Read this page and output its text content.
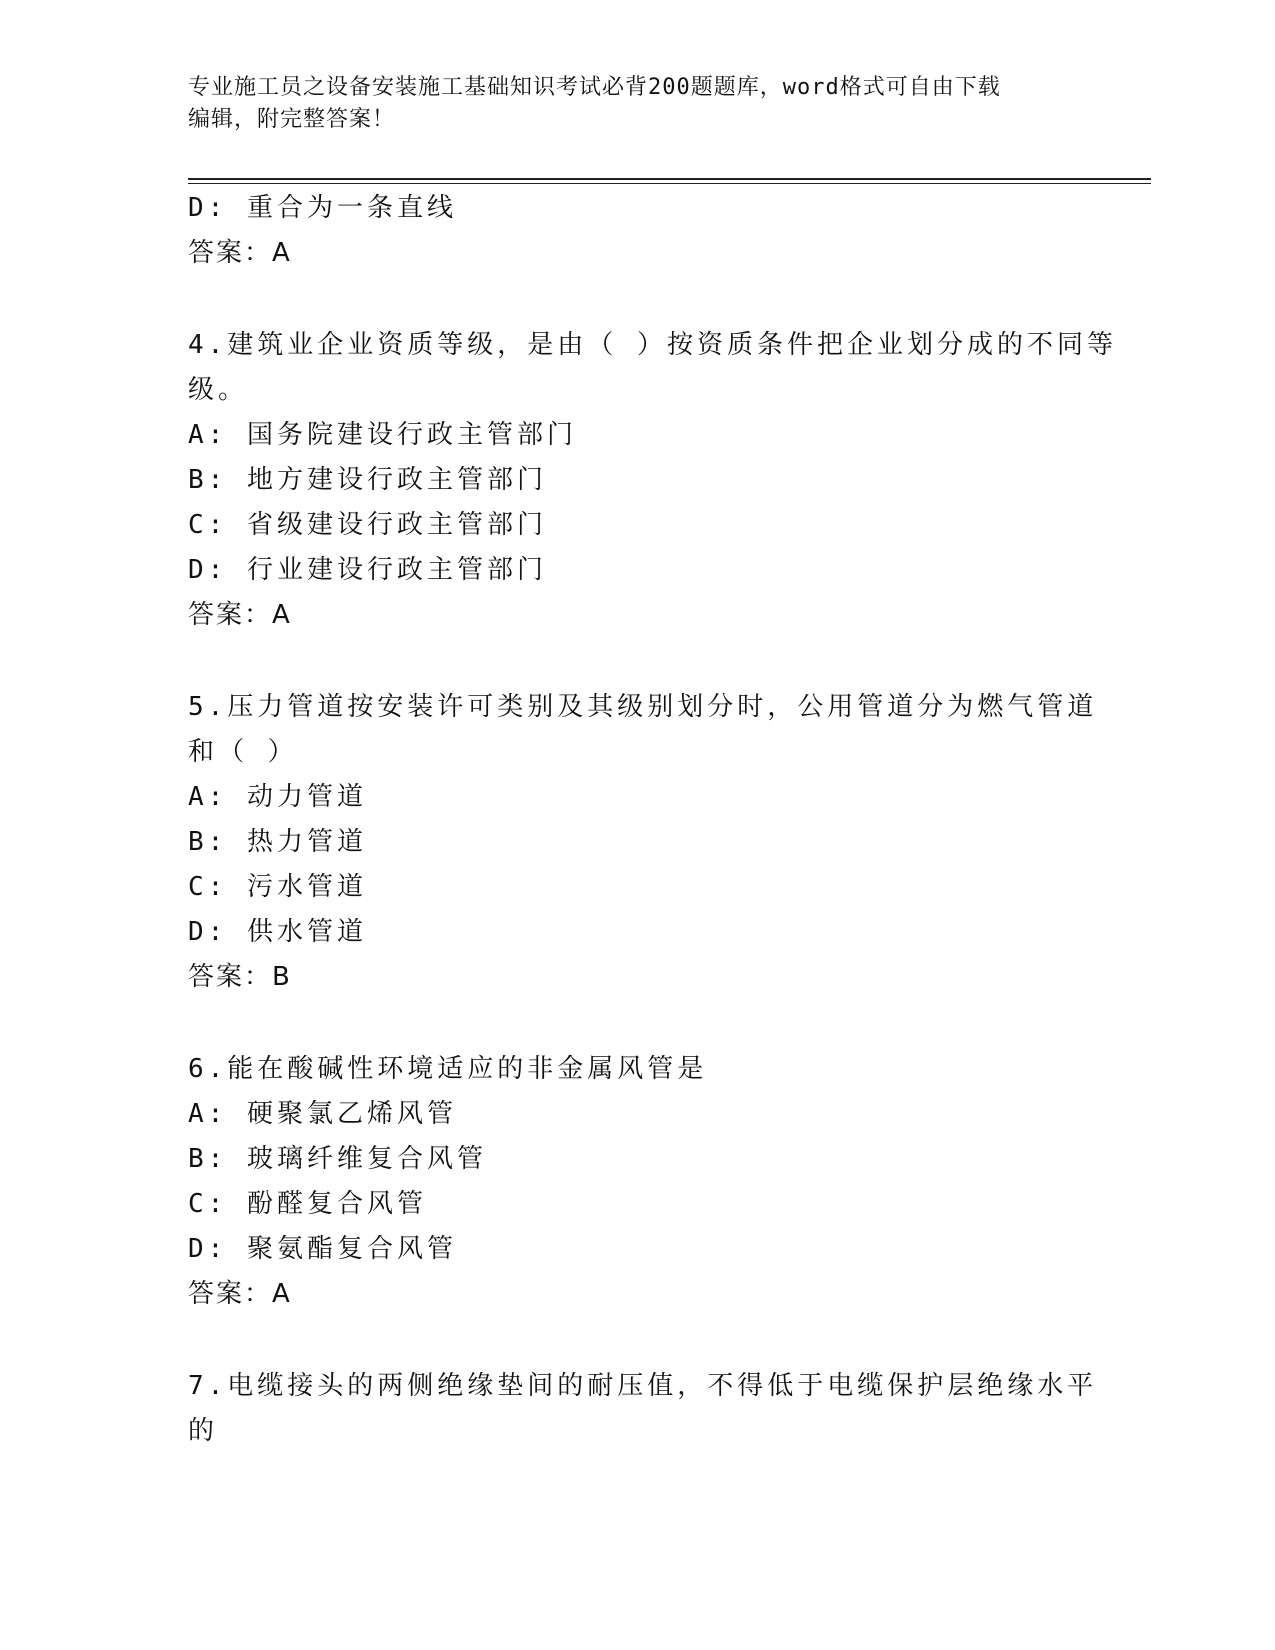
专业施工员之设备安装施工基础知识考试必背200题题库，word格式可自由下载
编辑，附完整答案！
D: 重合为一条直线
答案：A
4.建筑业企业资质等级，是由（ ）按资质条件把企业划分成的不同等
级。
A: 国务院建设行政主管部门
B: 地方建设行政主管部门
C: 省级建设行政主管部门
D: 行业建设行政主管部门
答案：A
5.压力管道按安装许可类别及其级别划分时，公用管道分为燃气管道
和（ ）
A: 动力管道
B: 热力管道
C: 污水管道
D: 供水管道
答案：B
6.能在酸碱性环境适应的非金属风管是
A: 硬聚氯乙烯风管
B: 玻璃纤维复合风管
C: 酚醛复合风管
D: 聚氨酯复合风管
答案：A
7.电缆接头的两侧绝缘垫间的耐压值，不得低于电缆保护层绝缘水平
的
